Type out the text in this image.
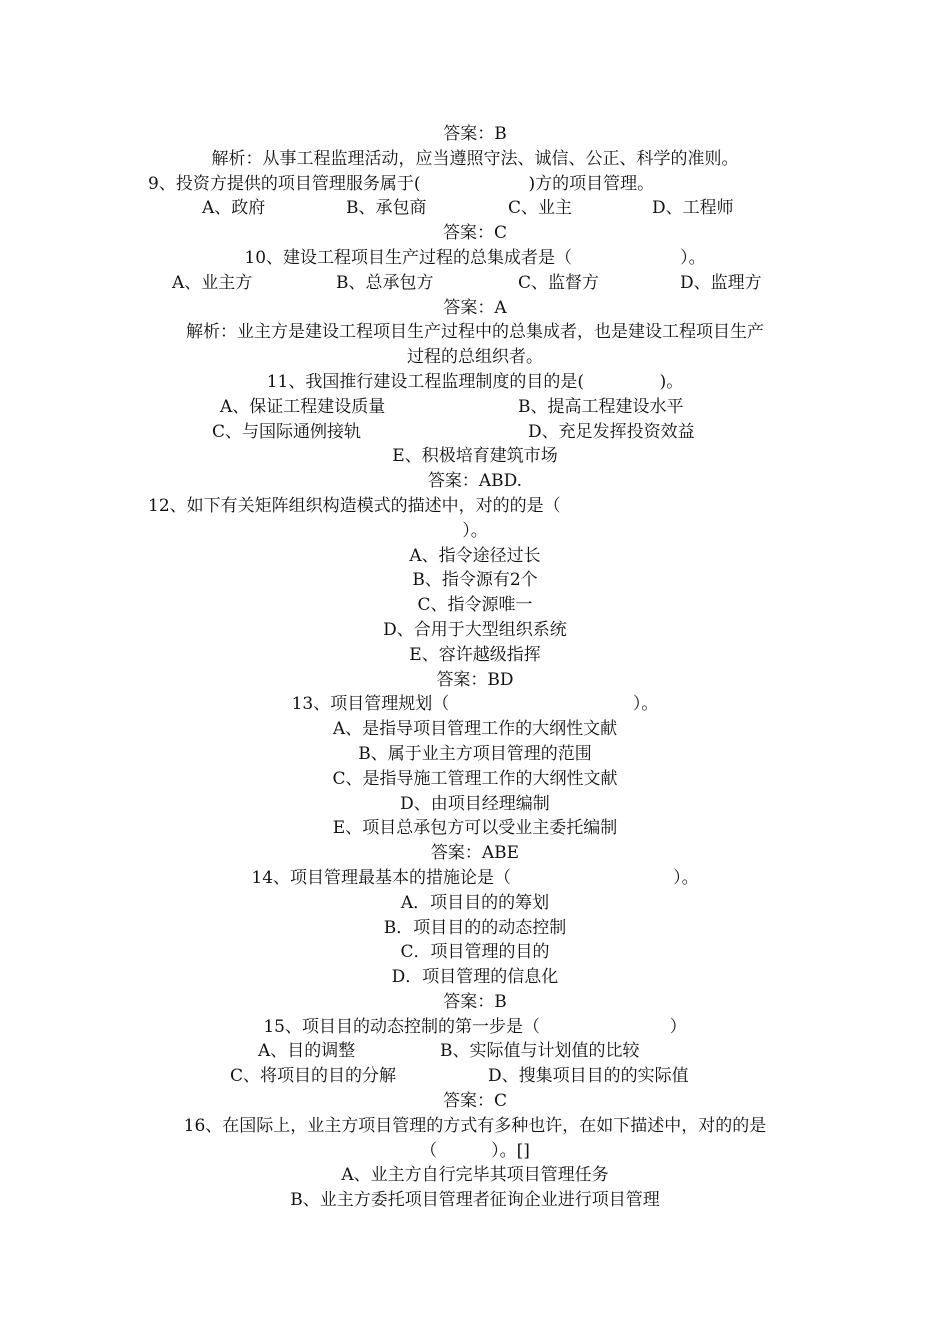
答案：B
解析：从事工程监理活动，应当遵照守法、诚信、公正、科学的准则。
9、投资方提供的项目管理服务属于(                    )方的项目管理。
A、政府	B、承包商	C、业主	D、工程师
答案：C
10、建设工程项目生产过程的总集成者是（                    ）。
A、业主方	B、总承包方	C、监督方	D、监理方
答案：A
解析：业主方是建设工程项目生产过程中的总集成者，也是建设工程项目生产
过程的总组织者。
11、我国推行建设工程监理制度的目的是(              )。
A、保证工程建设质量	B、提高工程建设水平
C、与国际通例接轨	D、充足发挥投资效益
E、积极培育建筑市场
答案：ABD.
12、如下有关矩阵组织构造模式的描述中，对的的是（
）。
A、指令途径过长
B、指令源有2个
C、指令源唯一
D、合用于大型组织系统
E、容许越级指挥
答案：BD
13、项目管理规划（                                  ）。
A、是指导项目管理工作的大纲性文献
B、属于业主方项目管理的范围
C、是指导施工管理工作的大纲性文献
D、由项目经理编制
E、项目总承包方可以受业主委托编制
答案：ABE
14、项目管理最基本的措施论是（                              ）。
A．项目目的的筹划
B．项目目的的动态控制
C．项目管理的目的
D．项目管理的信息化
答案：B
15、项目目的动态控制的第一步是（                        ）
A、目的调整	B、实际值与计划值的比较
C、将项目的目的分解	D、搜集项目目的的实际值
答案：C
16、在国际上，业主方项目管理的方式有多种也许，在如下描述中，对的的是
（          ）。[]
A、业主方自行完毕其项目管理任务
B、业主方委托项目管理者征询企业进行项目管理
